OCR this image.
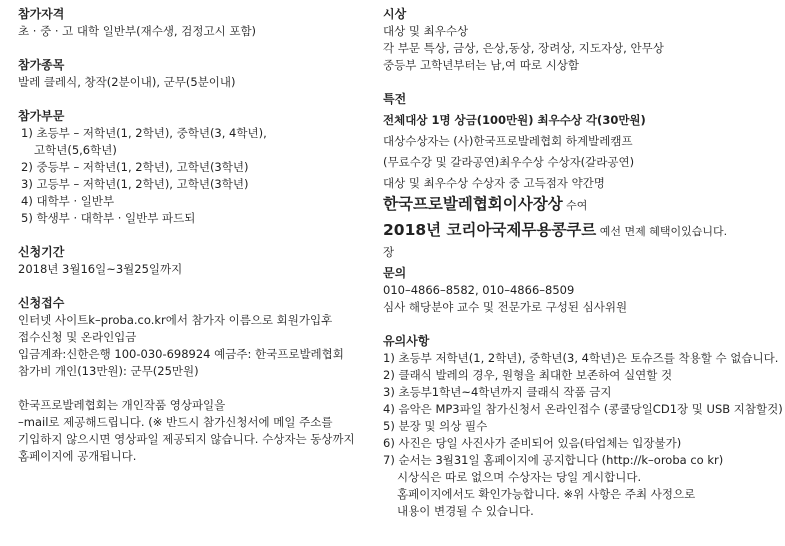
참가자격

초 · 중 · 고 대학 일반부(재수생, 검정고시 포함)

참가종목

발레 클레식, 창작(2분이내), 군무(5분이내)

참가부문

1) 초등부 – 저학년(1, 2학년), 중학년(3, 4학년),

고학년(5,6학년)

2) 중등부 – 저학년(1, 2학년), 고학년(3학년)

3) 고등부 – 저학년(1, 2학년), 고학년(3학년)

4) 대학부 · 일반부

5) 학생부 · 대학부 · 일반부 파드되

신청기간

2018년 3월16일~3월25일까지

신청접수

인터넷 사이트k–proba.co.kr에서 참가자 이름으로 회원가입후

접수신청 및 온라인입금

입금계좌:신한은행 100-030-698924 예금주: 한국프로발레협회

참가비 개인(13만원): 군무(25만원)

한국프로발레협회는 개인작품 영상파일을

–mail로 제공해드립니다. (※ 반드시 참가신청서에 메일 주소를

기입하지 않으시면 영상파일 제공되지 않습니다. 수상자는 동상까지

홈페이지에 공개됩니다.

시상

대상 및 최우수상

각 부문 특상, 금상, 은상,동상, 장려상, 지도자상, 안무상

중등부 고학년부터는 남,여 따로 시상함

특전

전체대상 1명 상금(100만원) 최우수상 각(30만원)

대상수상자는 (사)한국프로발레협회 하계발레캠프

(무료수강 및 갈라공연)최우수상 수상자(갈라공연)

대상 및 최우수상 수상자 중 고득점자 약간명

한국프로발레협회이사장상 수여

2018년 코리아국제무용콩쿠르 예선 면제 혜택이있습니다.

장

문의

010–4866–8582, 010–4866–8509

심사 해당분야 교수 및 전문가로 구성된 심사위원

유의사항

1) 초등부 저학년(1, 2학년), 중학년(3, 4학년)은 토슈즈를 착용할 수 없습니다.

2) 클래식 발레의 경우, 원형을 최대한 보존하여 실연할 것

3) 초등부1학년~4학년까지 클래식 작품 금지

4) 음악은 MP3파일 참가신청서 온라인접수 (콩쿨당일CD1장 및 USB 지참할것)

5) 분장 및 의상 필수

6) 사진은 당일 사진사가 준비되어 있음(타업체는 입장불가)

7) 순서는 3월31일 홈페이지에 공지합니다 (http://k–oroba co kr)

시상식은 따로 없으며 수상자는 당일 게시합니다.

홈페이지에서도 확인가능합니다. ※위 사항은 주최 사정으로

내용이 변경될 수 있습니다.
